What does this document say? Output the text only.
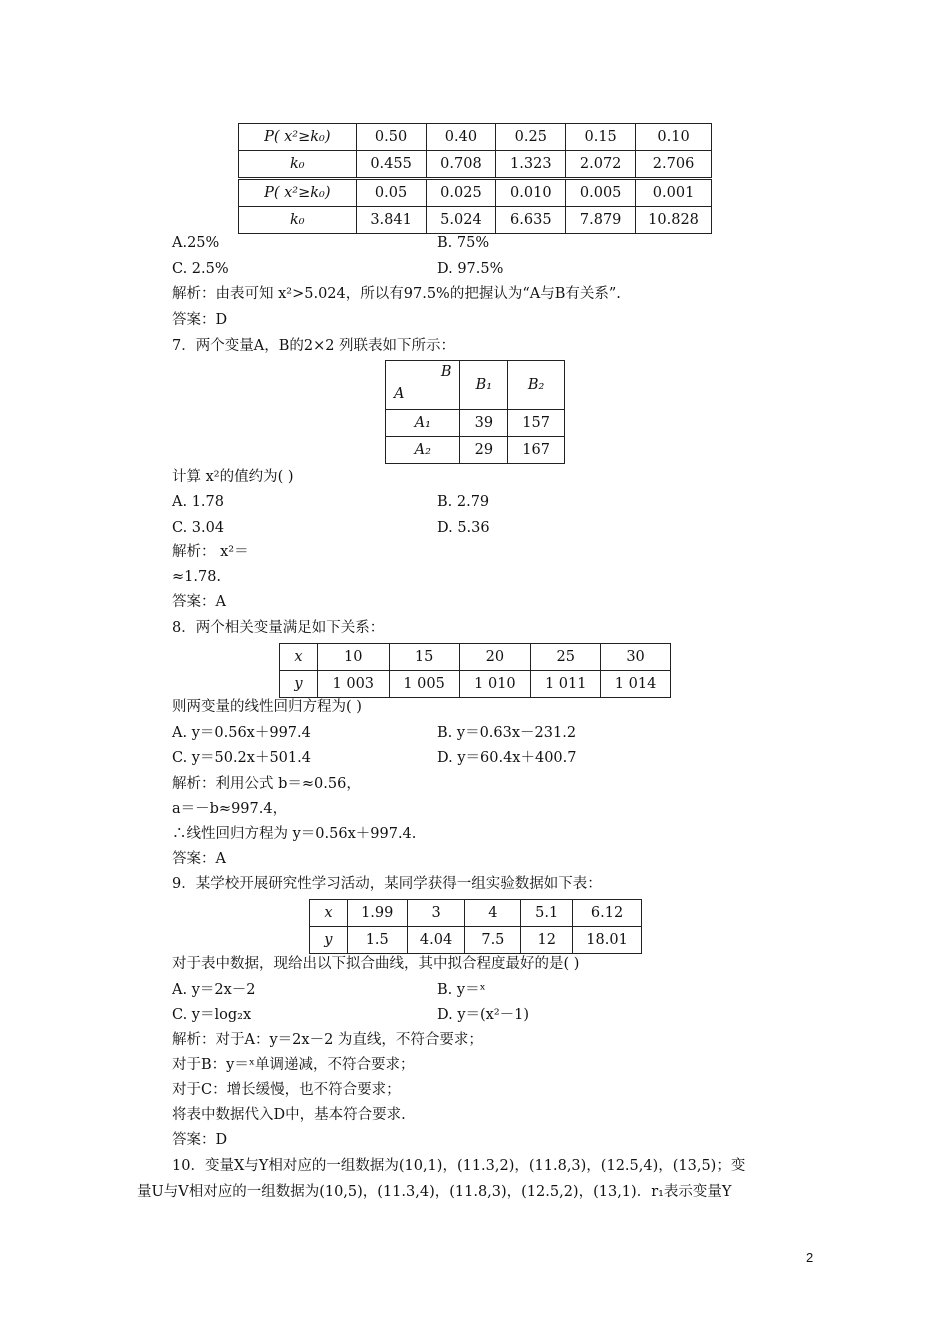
P( x²≥k₀)	0.50	0.40	0.25	0.15	0.10
k₀	0.455	0.708	1.323	2.072	2.706
P( x²≥k₀)	0.05	0.025	0.010	0.005	0.001
k₀	3.841	5.024	6.635	7.879	10.828
A.25%	B. 75%
C. 2.5%	D. 97.5%
解析：由表可知 x²>5.024，所以有97.5%的把握认为“A与B有关系”.
答案：D
7．两个变量A，B的2×2 列联表如下所示：
B
A	B₁	B₂
A₁	39	157
A₂	29	167
计算 x²的值约为( )
A. 1.78	B. 2.79
C. 3.04	D. 5.36
解析： x²＝
≈1.78.
答案：A
8．两个相关变量满足如下关系：
x	10	15	20	25	30
y	1 003	1 005	1 010	1 011	1 014
则两变量的线性回归方程为( )
A. y＝0.56x＋997.4	B. y＝0.63x－231.2
C. y＝50.2x＋501.4	D. y＝60.4x＋400.7
解析：利用公式 b＝≈0.56，
a＝－b≈997.4，
∴线性回归方程为 y＝0.56x＋997.4.
答案：A
9．某学校开展研究性学习活动，某同学获得一组实验数据如下表：
x	1.99	3	4	5.1	6.12
y	1.5	4.04	7.5	12	18.01
对于表中数据，现给出以下拟合曲线，其中拟合程度最好的是( )
A. y＝2x－2	B. y＝ˣ
C. y＝log₂x	D. y＝(x²－1)
解析：对于A：y＝2x－2 为直线，不符合要求；
对于B：y＝ˣ单调递减，不符合要求；
对于C：增长缓慢，也不符合要求；
将表中数据代入D中，基本符合要求.
答案：D
10．变量X与Y相对应的一组数据为(10,1)，(11.3,2)，(11.8,3)，(12.5,4)，(13,5)；变
量U与V相对应的一组数据为(10,5)，(11.3,4)，(11.8,3)，(12.5,2)，(13,1)．r₁表示变量Y
2
